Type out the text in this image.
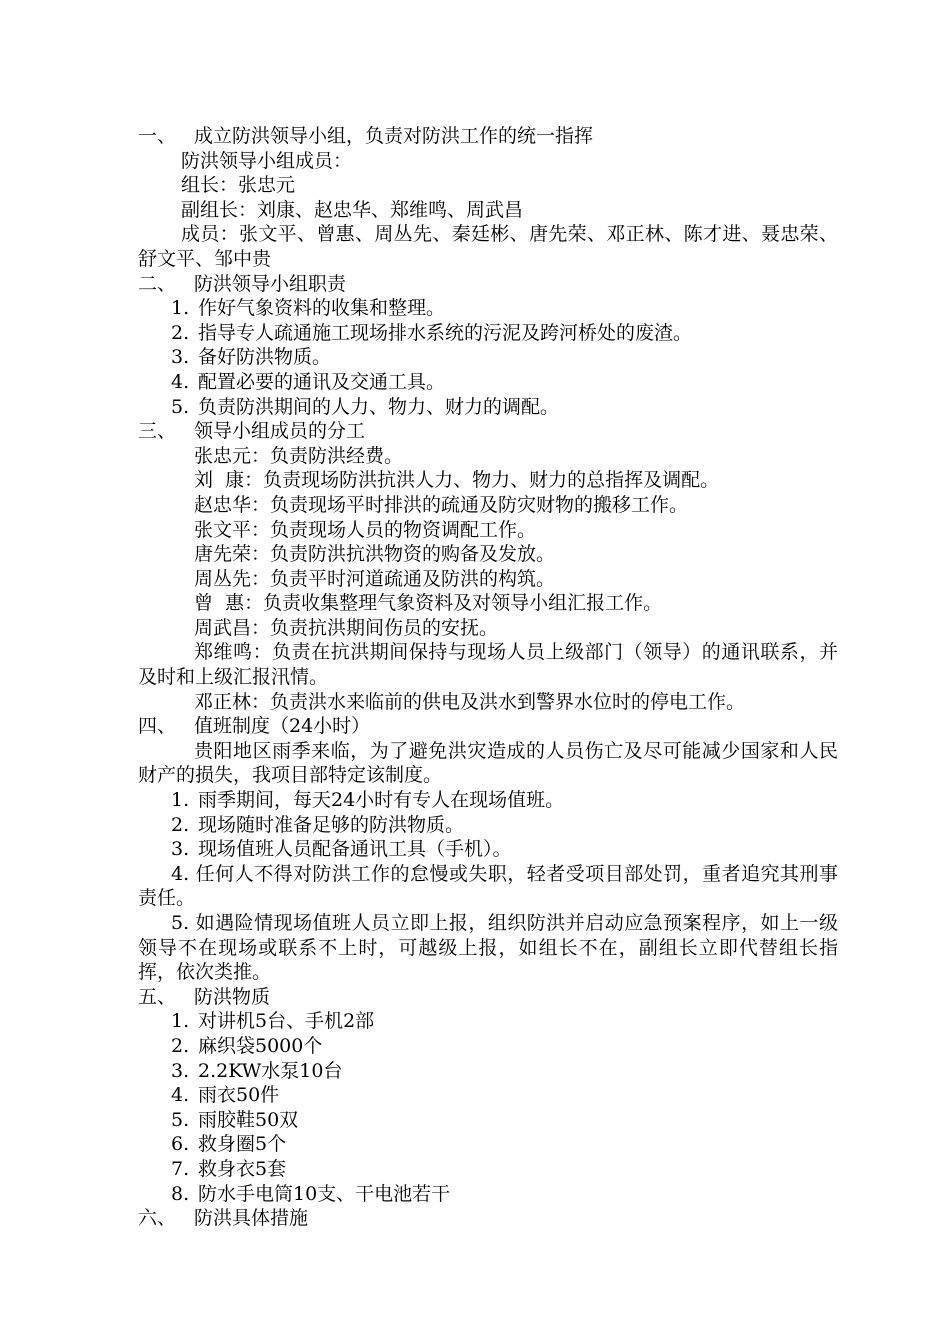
一、 成立防洪领导小组，负责对防洪工作的统一指挥
防洪领导小组成员：
组长：张忠元
副组长：刘康、赵忠华、郑维鸣、周武昌
成员：张文平、曾惠、周丛先、秦廷彬、唐先荣、邓正林、陈才进、聂忠荣、舒文平、邹中贵
二、 防洪领导小组职责
1. 作好气象资料的收集和整理。
2. 指导专人疏通施工现场排水系统的污泥及跨河桥处的废渣。
3. 备好防洪物质。
4. 配置必要的通讯及交通工具。
5. 负责防洪期间的人力、物力、财力的调配。
三、 领导小组成员的分工
张忠元：负责防洪经费。
刘  康：负责现场防洪抗洪人力、物力、财力的总指挥及调配。
赵忠华：负责现场平时排洪的疏通及防灾财物的搬移工作。
张文平：负责现场人员的物资调配工作。
唐先荣：负责防洪抗洪物资的购备及发放。
周丛先：负责平时河道疏通及防洪的构筑。
曾  惠：负责收集整理气象资料及对领导小组汇报工作。
周武昌：负责抗洪期间伤员的安抚。
郑维鸣：负责在抗洪期间保持与现场人员上级部门（领导）的通讯联系，并及时和上级汇报汛情。
邓正林：负责洪水来临前的供电及洪水到警界水位时的停电工作。
四、 值班制度（24小时）
贵阳地区雨季来临，为了避免洪灾造成的人员伤亡及尽可能减少国家和人民财产的损失，我项目部特定该制度。
1. 雨季期间，每天24小时有专人在现场值班。
2. 现场随时准备足够的防洪物质。
3. 现场值班人员配备通讯工具（手机）。
4. 任何人不得对防洪工作的怠慢或失职，轻者受项目部处罚，重者追究其刑事责任。
5. 如遇险情现场值班人员立即上报，组织防洪并启动应急预案程序，如上一级领导不在现场或联系不上时，可越级上报，如组长不在，副组长立即代替组长指挥，依次类推。
五、 防洪物质
1. 对讲机5台、手机2部
2. 麻织袋5000个
3. 2.2KW水泵10台
4. 雨衣50件
5. 雨胶鞋50双
6. 救身圈5个
7. 救身衣5套
8. 防水手电筒10支、干电池若干
六、 防洪具体措施
